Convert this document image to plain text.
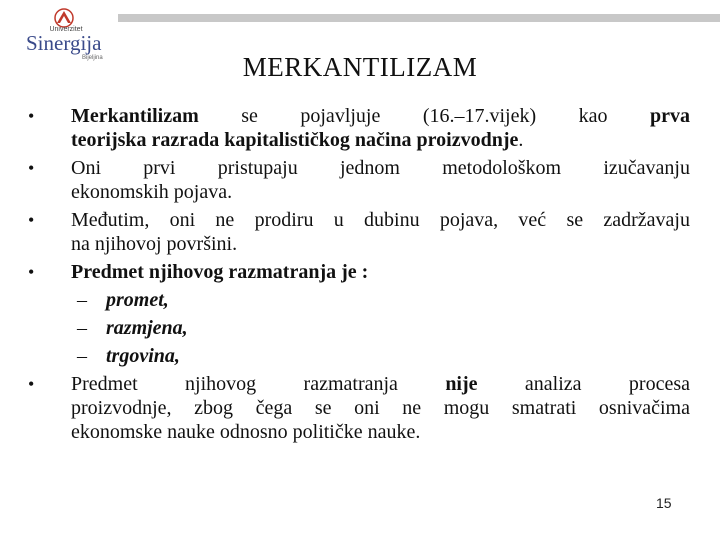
Univerzitet
Sinergija
Bijeljina	MERKANTILIZAM
• Merkantilizam se pojavljuje (16.–17.vijek) kao prva
teorijska razrada kapitalističkog načina proizvodnje.
• Oni prvi pristupaju jednom metodološkom izučavanju
ekonomskih pojava.
• Međutim, oni ne prodiru u dubinu pojava, već se zadržavaju
na njihovoj površini.
• Predmet njihovog razmatranja je :
– promet,
– razmjena,
– trgovina,
• Predmet njihovog razmatranja nije analiza procesa
proizvodnje, zbog čega se oni ne mogu smatrati osnivačima
ekonomske nauke odnosno političke nauke.
15
